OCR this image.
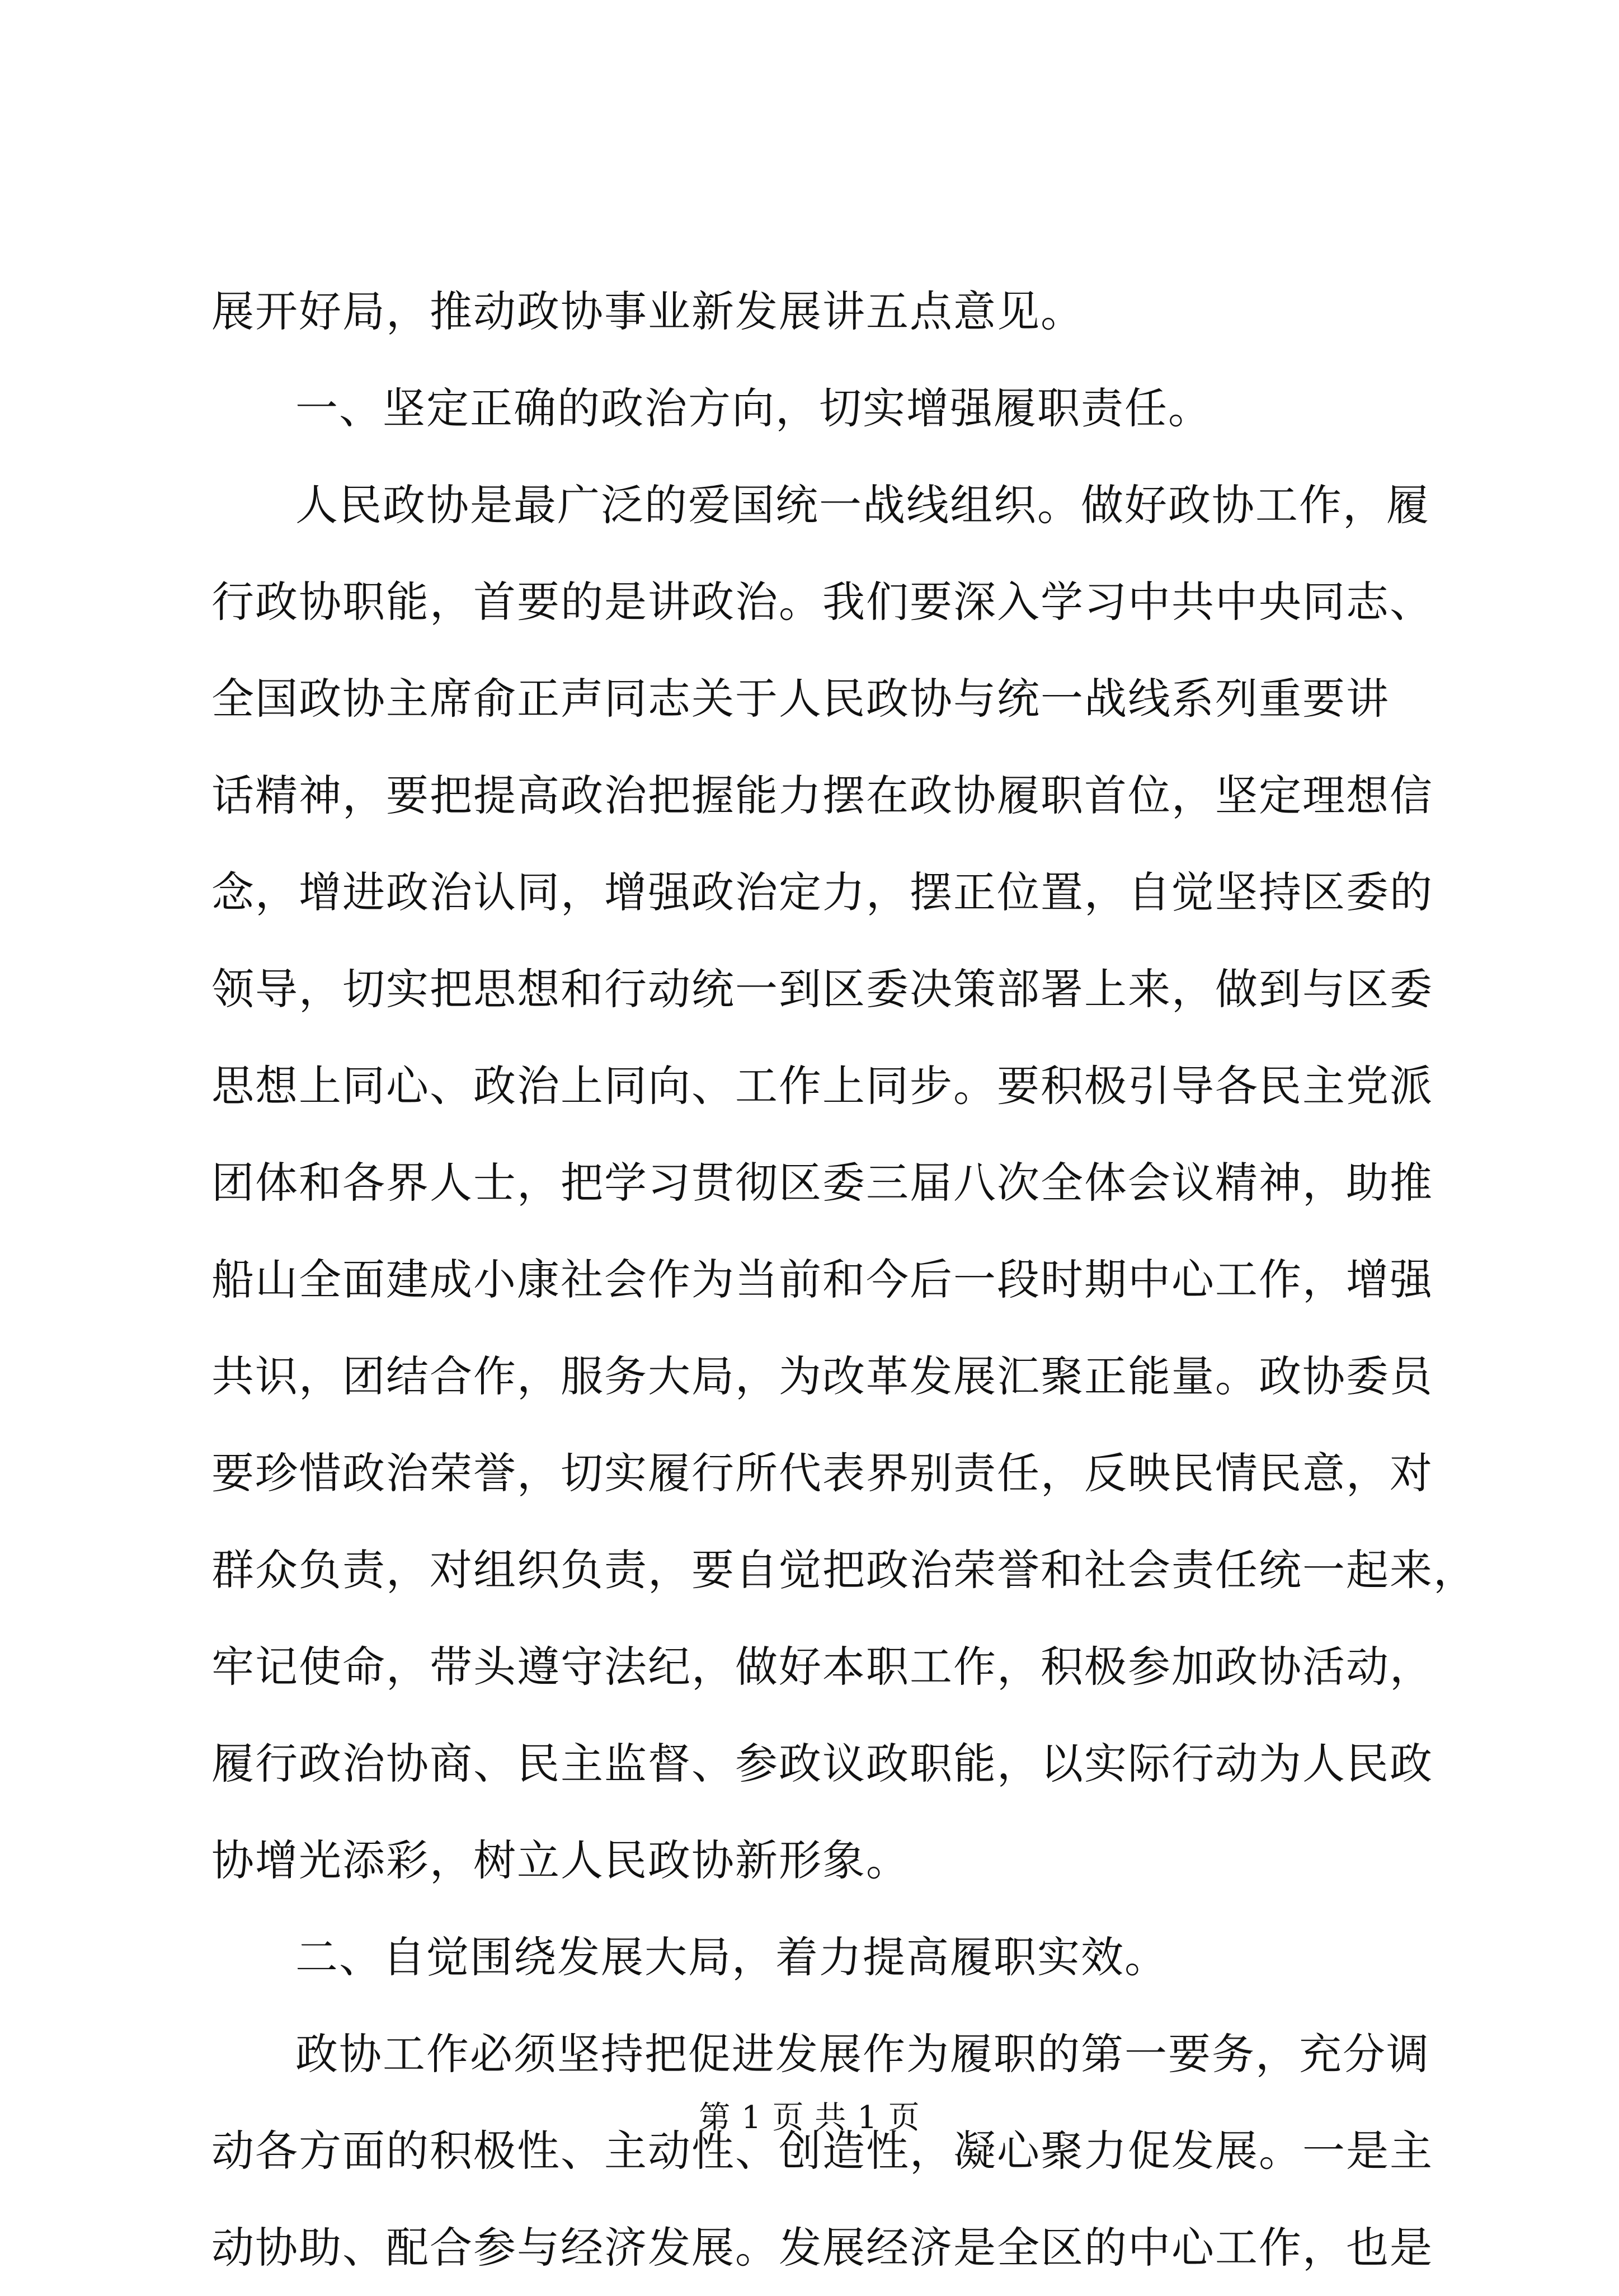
展开好局，推动政协事业新发展讲五点意见。
一、坚定正确的政治方向，切实增强履职责任。
人民政协是最广泛的爱国统一战线组织。做好政协工作，履
行政协职能，首要的是讲政治。我们要深入学习中共中央同志、
全国政协主席俞正声同志关于人民政协与统一战线系列重要讲
话精神，要把提高政治把握能力摆在政协履职首位，坚定理想信
念，增进政治认同，增强政治定力，摆正位置，自觉坚持区委的
领导，切实把思想和行动统一到区委决策部署上来，做到与区委
思想上同心、政治上同向、工作上同步。要积极引导各民主党派
团体和各界人士，把学习贯彻区委三届八次全体会议精神，助推
船山全面建成小康社会作为当前和今后一段时期中心工作，增强
共识，团结合作，服务大局，为改革发展汇聚正能量。政协委员
要珍惜政治荣誉，切实履行所代表界别责任，反映民情民意，对
群众负责，对组织负责，要自觉把政治荣誉和社会责任统一起来，
牢记使命，带头遵守法纪，做好本职工作，积极参加政协活动，
履行政治协商、民主监督、参政议政职能，以实际行动为人民政
协增光添彩，树立人民政协新形象。
二、自觉围绕发展大局，着力提高履职实效。
政协工作必须坚持把促进发展作为履职的第一要务，充分调
动各方面的积极性、主动性、创造性，凝心聚力促发展。一是主
动协助、配合参与经济发展。发展经济是全区的中心工作，也是
第 1 页 共 1 页
